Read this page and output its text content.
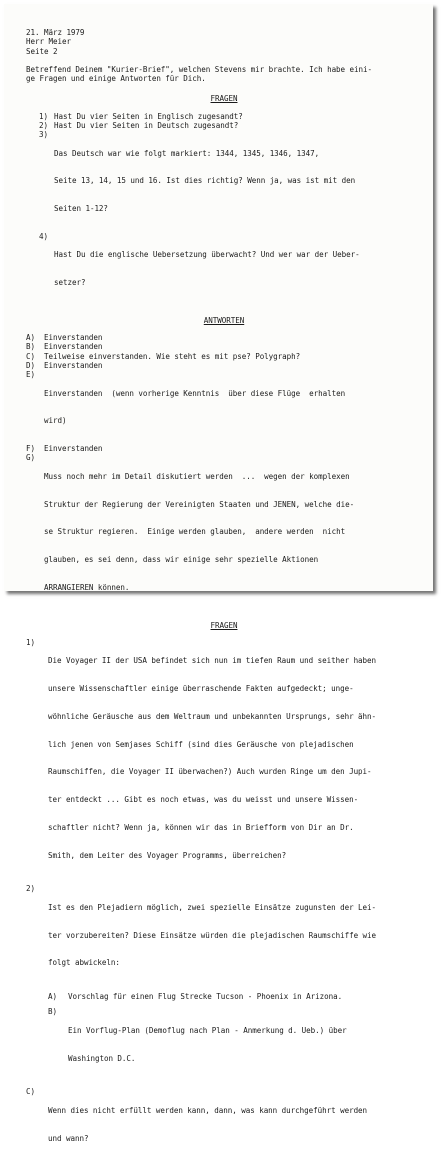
21. März 1979
Herr Meier
Seite 2
Betreffend Deinem "Kurier-Brief", welchen Stevens mir brachte. Ich habe eini-
ge Fragen und einige Antworten für Dich.
FRAGEN
1) Hast Du vier Seiten in Englisch zugesandt?
2) Hast Du vier Seiten in Deutsch zugesandt?
3)

Das Deutsch war wie folgt markiert: 1344, 1345, 1346, 1347,

Seite 13, 14, 15 und 16. Ist dies richtig? Wenn ja, was ist mit den

Seiten 1-12?

4)

Hast Du die englische Uebersetzung überwacht? Und wer war der Ueber-

setzer?

ANTWORTEN
A)	Einverstanden
B)	Einverstanden
C)	Teilweise einverstanden. Wie steht es mit pse? Polygraph?
D)	Einverstanden
E)

Einverstanden  (wenn vorherige Kenntnis  über diese Flüge  erhalten

wird)

F)	Einverstanden
G)

Muss noch mehr im Detail diskutiert werden  ...  wegen der komplexen

Struktur der Regierung der Vereinigten Staaten und JENEN, welche die-

se Struktur regieren.  Einige werden glauben,  andere werden  nicht

glauben, es sei denn, dass wir einige sehr spezielle Aktionen

ARRANGIEREN können.

FRAGEN
1)

Die Voyager II der USA befindet sich nun im tiefen Raum und seither haben

unsere Wissenschaftler einige überraschende Fakten aufgedeckt; unge-

wöhnliche Geräusche aus dem Weltraum und unbekannten Ursprungs, sehr ähn-

lich jenen von Semjases Schiff (sind dies Geräusche von plejadischen

Raumschiffen, die Voyager II überwachen?) Auch wurden Ringe um den Jupi-

ter entdeckt ... Gibt es noch etwas, was du weisst und unsere Wissen-

schaftler nicht? Wenn ja, können wir das in Briefform von Dir an Dr.

Smith, dem Leiter des Voyager Programms, überreichen?

2)

Ist es den Plejadiern möglich, zwei spezielle Einsätze zugunsten der Lei-

ter vorzubereiten? Diese Einsätze würden die plejadischen Raumschiffe wie

folgt abwickeln:

A)	Vorschlag für einen Flug Strecke Tucson - Phoenix in Arizona.
B)

Ein Vorflug-Plan (Demoflug nach Plan - Anmerkung d. Ueb.) über

Washington D.C.

C)

Wenn dies nicht erfüllt werden kann, dann, was kann durchgeführt werden

und wann?
